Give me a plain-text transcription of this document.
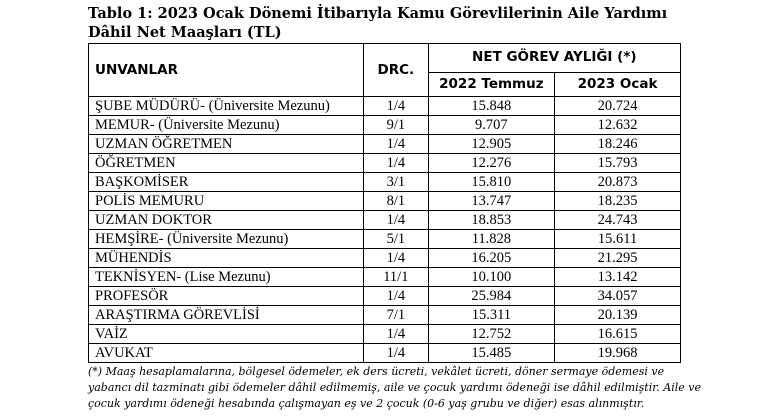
Tablo 1: 2023 Ocak Dönemi İtibarıyla Kamu Görevlilerinin Aile Yardımı Dâhil Net Maaşları (TL)
UNVANLAR	DRC.	NET GÖREV AYLIĞI (*)	
		2022 Temmuz	2023 Ocak
ŞUBE MÜDÜRÜ- (Üniversite Mezunu)	1/4	15.848	20.724
MEMUR- (Üniversite Mezunu)	9/1	9.707	12.632
UZMAN ÖĞRETMEN	1/4	12.905	18.246
ÖĞRETMEN	1/4	12.276	15.793
BAŞKOMİSER	3/1	15.810	20.873
POLİS MEMURU	8/1	13.747	18.235
UZMAN DOKTOR	1/4	18.853	24.743
HEMŞİRE- (Üniversite Mezunu)	5/1	11.828	15.611
MÜHENDİS	1/4	16.205	21.295
TEKNİSYEN- (Lise Mezunu)	11/1	10.100	13.142
PROFESÖR	1/4	25.984	34.057
ARAŞTIRMA GÖREVLİSİ	7/1	15.311	20.139
VAİZ	1/4	12.752	16.615
AVUKAT	1/4	15.485	19.968
(*) Maaş hesaplamalarına, bölgesel ödemeler, ek ders ücreti, vekâlet ücreti, döner sermaye ödemesi ve yabancı dil tazminatı gibi ödemeler dâhil edilmemiş, aile ve çocuk yardımı ödeneği ise dâhil edilmiştir. Aile ve çocuk yardımı ödeneği hesabında çalışmayan eş ve 2 çocuk (0-6 yaş grubu ve diğer) esas alınmıştır.
